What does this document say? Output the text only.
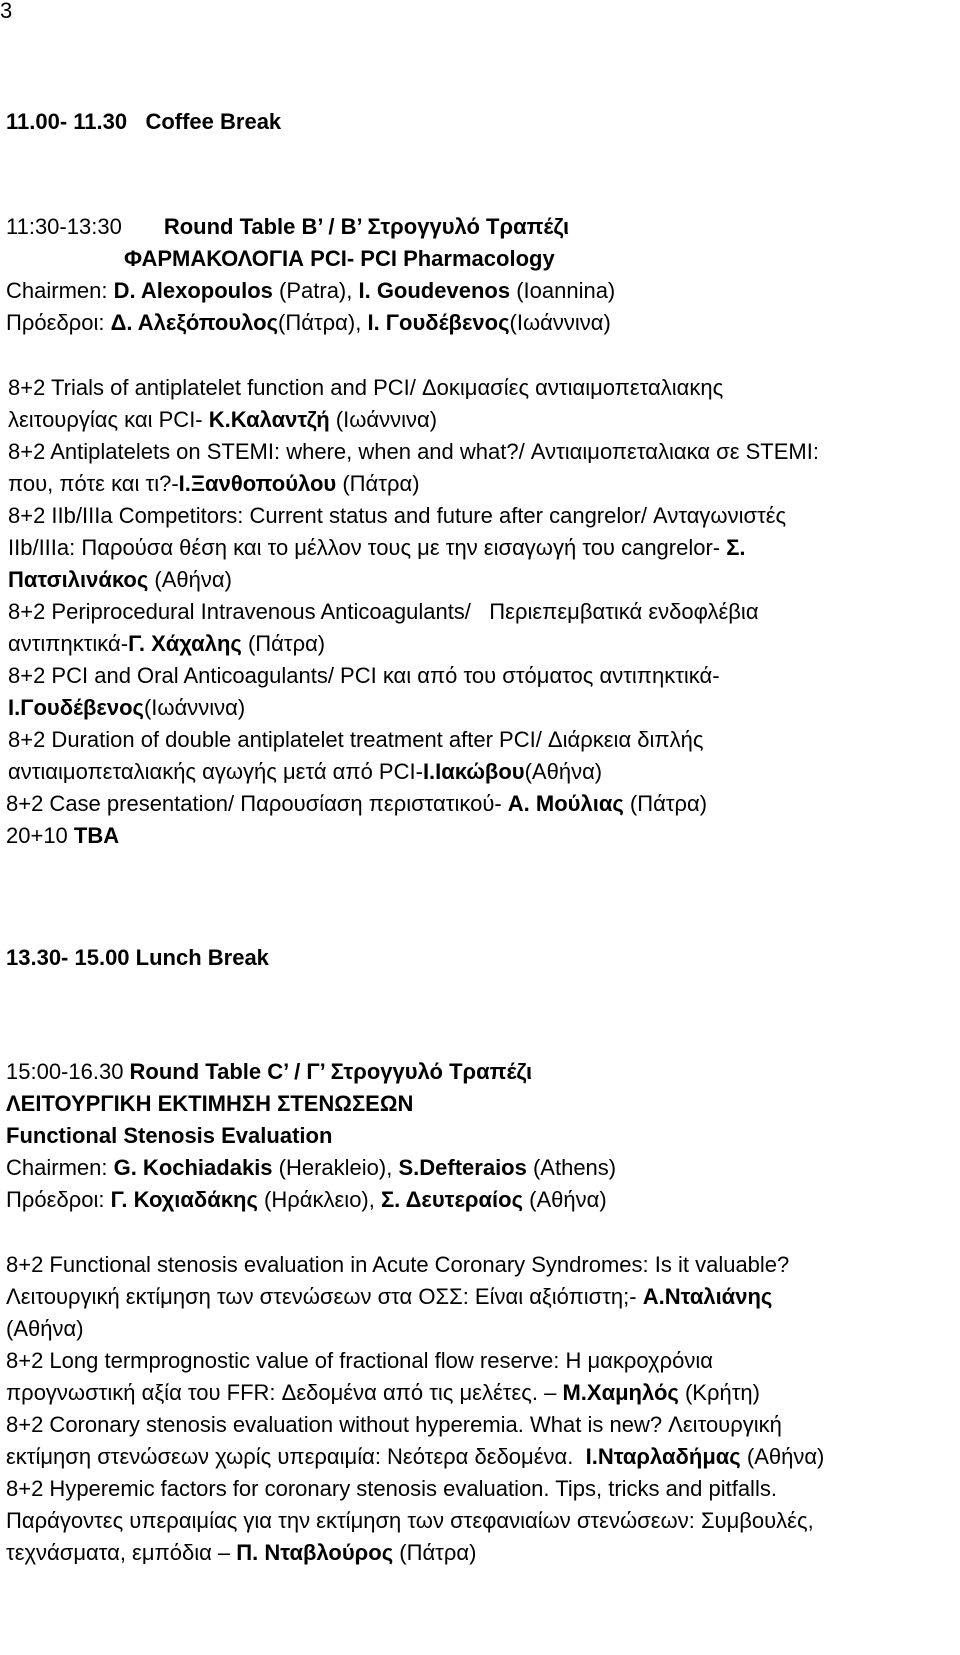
3
11.00- 11.30   Coffee Break
11:30-13:30 Round Table B’ / Β’ Στρογγυλό Τραπέζι
ΦΑΡΜΑΚΟΛΟΓΙΑ PCI- PCI Pharmacology
Chairmen: D. Alexopoulos (Patra), I. Goudevenos (Ioannina)
Πρόεδροι: Δ. Αλεξόπουλος(Πάτρα), Ι. Γουδέβενος(Ιωάννινα)
8+2 Trials of antiplatelet function and PCI/ Δοκιμασίες αντιαιμοπεταλιακης
λειτουργίας και PCI- Κ.Καλαντζή (Ιωάννινα)
8+2 Antiplatelets on STEMI: where, when and what?/ Αντιαιμοπεταλιακα σε STEMI:
που, πότε και τι?-Ι.Ξανθοπούλου (Πάτρα)
8+2 IIb/IIIa Competitors: Current status and future after cangrelor/ Ανταγωνιστές
IIb/IIIa: Παρούσα θέση και το μέλλον τους με την εισαγωγή του cangrelor- Σ.
Πατσιλινάκος (Αθήνα)
8+2 Periprocedural Intravenous Anticoagulants/   Περιεπεμβατικά ενδοφλέβια
αντιπηκτικά-Γ. Χάχαλης (Πάτρα)
8+2 PCI and Oral Anticoagulants/ PCI και από του στόματος αντιπηκτικά-
Ι.Γουδέβενος(Ιωάννινα)
8+2 Duration of double antiplatelet treatment after PCI/ Διάρκεια διπλής
αντιαιμοπεταλιακής αγωγής μετά από PCI-Ι.Ιακώβου(Αθήνα)
8+2 Case presentation/ Παρουσίαση περιστατικού- Α. Μούλιας (Πάτρα)
20+10 TBA
13.30- 15.00 Lunch Break
15:00-16.30 Round Table C’ / Γ’ Στρογγυλό Τραπέζι
ΛΕΙΤΟΥΡΓΙΚΗ ΕΚΤΙΜΗΣΗ ΣΤΕΝΩΣΕΩΝ
Functional Stenosis Evaluation
Chairmen: G. Kochiadakis (Herakleio), S.Defteraios (Athens)
Πρόεδροι: Γ. Κοχιαδάκης (Ηράκλειο), Σ. Δευτεραίος (Αθήνα)
8+2 Functional stenosis evaluation in Acute Coronary Syndromes: Is it valuable?
Λειτουργική εκτίμηση των στενώσεων στα ΟΣΣ: Είναι αξιόπιστη;- Α.Νταλιάνης
(Αθήνα)
8+2 Long termprognostic value of fractional flow reserve: Η μακροχρόνια
προγνωστική αξία του FFR: Δεδομένα από τις μελέτες. – Μ.Χαμηλός (Κρήτη)
8+2 Coronary stenosis evaluation without hyperemia. What is new? Λειτουργική
εκτίμηση στενώσεων χωρίς υπεραιμία: Νεότερα δεδομένα.  Ι.Νταρλαδήμας (Αθήνα)
8+2 Hyperemic factors for coronary stenosis evaluation. Tips, tricks and pitfalls.
Παράγοντες υπεραιμίας για την εκτίμηση των στεφανιαίων στενώσεων: Συμβουλές,
τεχνάσματα, εμπόδια – Π. Νταβλούρος (Πάτρα)
